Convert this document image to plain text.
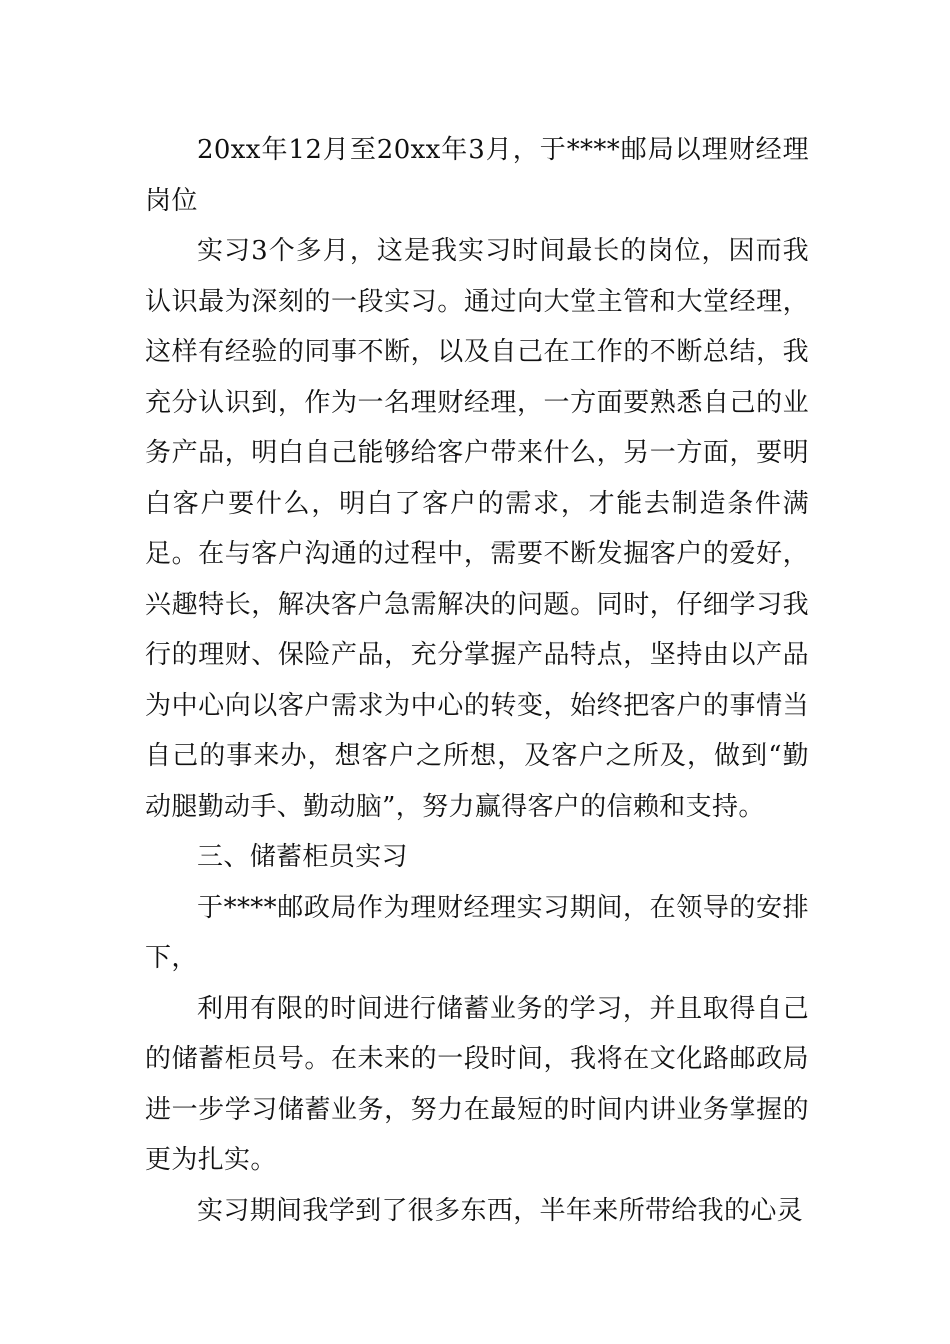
20xx年12月至20xx年3月，于****邮局以理财经理岗位

实习3个多月，这是我实习时间最长的岗位，因而我认识最为深刻的一段实习。通过向大堂主管和大堂经理，这样有经验的同事不断，以及自己在工作的不断总结，我充分认识到，作为一名理财经理，一方面要熟悉自己的业务产品，明白自己能够给客户带来什么，另一方面，要明白客户要什么，明白了客户的需求，才能去制造条件满足。在与客户沟通的过程中，需要不断发掘客户的爱好，兴趣特长，解决客户急需解决的问题。同时，仔细学习我行的理财、保险产品，充分掌握产品特点，坚持由以产品为中心向以客户需求为中心的转变，始终把客户的事情当自己的事来办，想客户之所想，及客户之所及，做到“勤动腿勤动手、勤动脑”，努力赢得客户的信赖和支持。

三、储蓄柜员实习

于****邮政局作为理财经理实习期间，在领导的安排下，

利用有限的时间进行储蓄业务的学习，并且取得自己的储蓄柜员号。在未来的一段时间，我将在文化路邮政局进一步学习储蓄业务，努力在最短的时间内讲业务掌握的更为扎实。

实习期间我学到了很多东西，半年来所带给我的心灵
